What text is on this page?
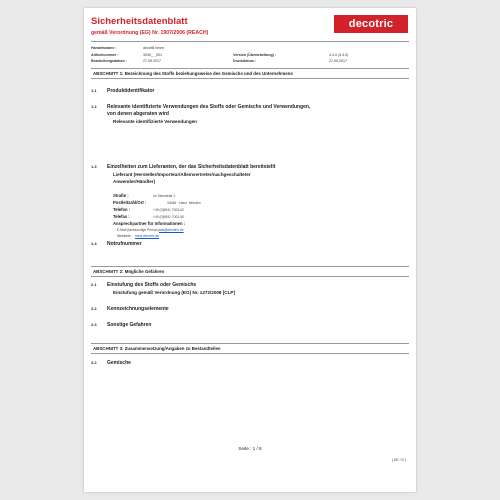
Sicherheitsdatenblatt
gemäß Verordnung (EG) Nr. 1907/2006 (REACH)
decotric
Handelsname :	decofill innen
Artikelnummer :	3030_ _001	Version (Überarbeitung) :	4.4.0 (4.3.0)
Bearbeitungsdatum :	27.09.2017	Druckdatum :	27.09.2017
ABSCHNITT 1: Bezeichnung des Stoffs beziehungsweise des Gemischs und des Unternehmens
1.1 Produktidentifikator
1.2 Relevante identifizierte Verwendungen des Stoffs oder Gemischs und Verwendungen,
von denen abgeraten wird
Relevante identifizierte Verwendungen
1.3 Einzelheiten zum Lieferanten, der das Sicherheitsdatenblatt bereitstellt
Lieferant (Hersteller/Importeur/Alleinvertreter/nachgeschalteter
Anwender/Händler)
Straße :	Im Schedetal 1
Postleitzahl/Ort :	34346 · Hann. Münden
Telefon :	+49 (0)5541 7003-62
Telefax :	+49 (0)5541 7003-50
Ansprechpartner für Informationen :
E-Mail (fachkundige Person) :
sds@decotric.de
Webseite : www.decotric.de
1.4 Notrufnummer
ABSCHNITT 2: Mögliche Gefahren
2.1 Einstufung des Stoffs oder Gemischs
Einstufung gemäß Verordnung (EG) Nr. 1272/2008 [CLP]
2.2 Kennzeichnungselemente
2.3 Sonstige Gefahren
ABSCHNITT 3: Zusammensetzung/Angaben zu Bestandteilen
3.2 Gemische
Seite : 1 / 8
( DE / D )
